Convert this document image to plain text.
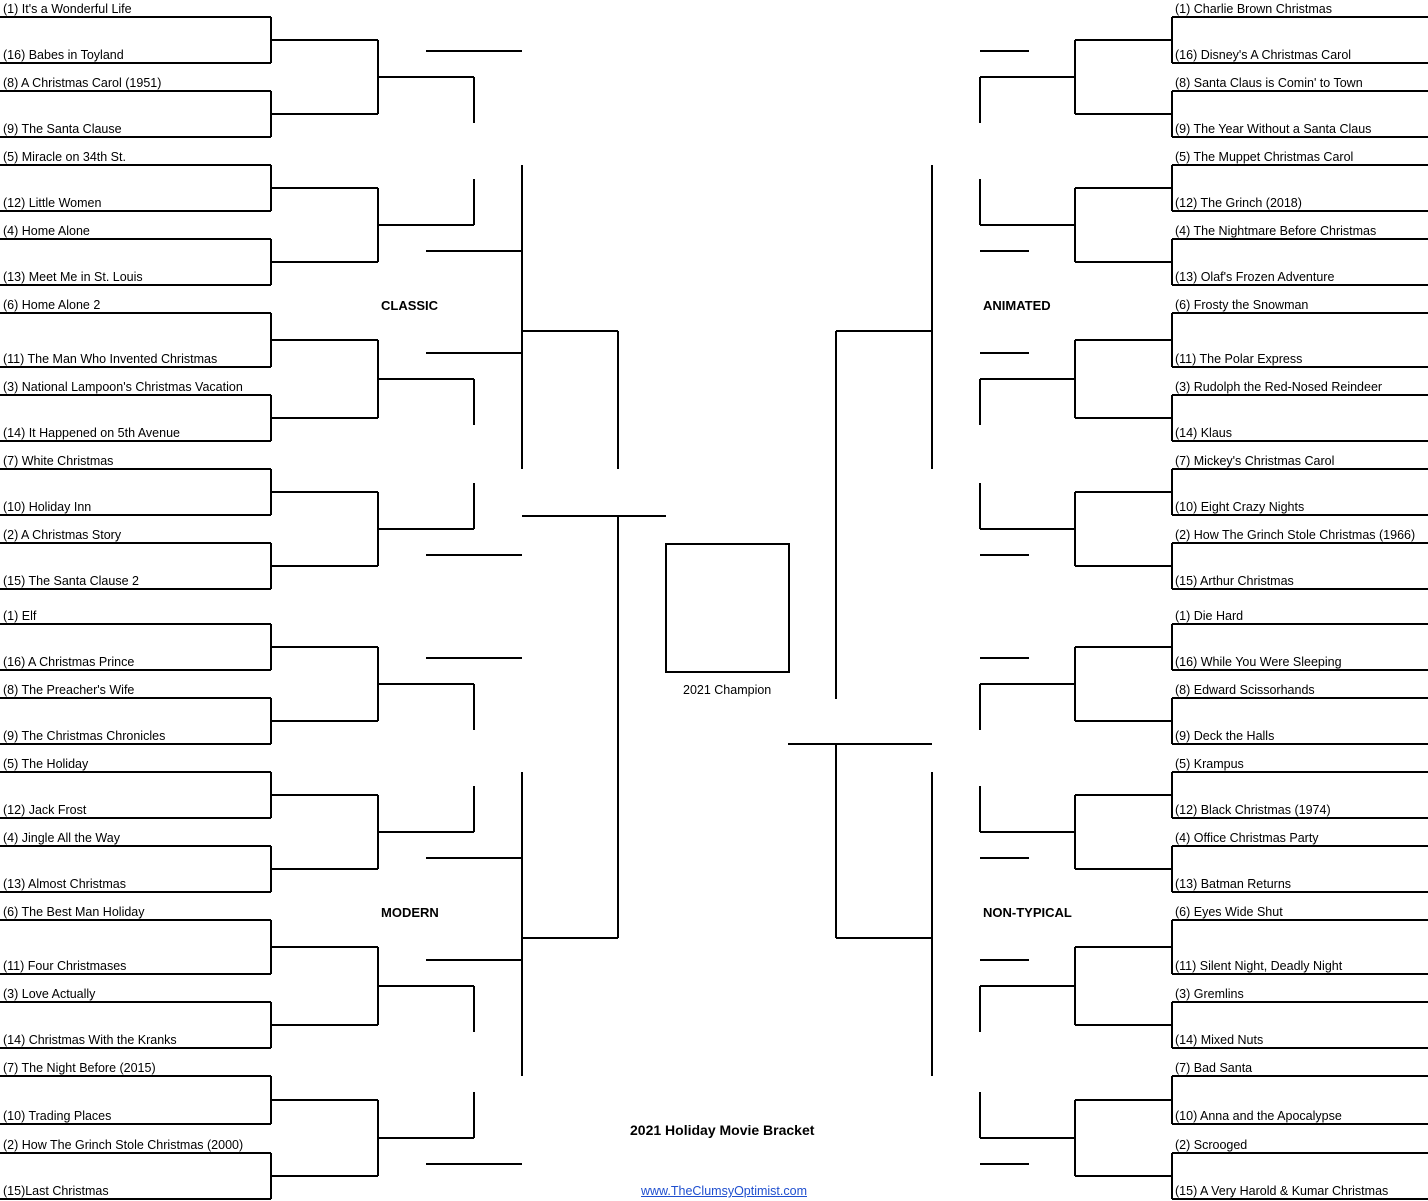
(1) It's a Wonderful Life
(16) Babes in Toyland
(8) A Christmas Carol (1951)
(9) The Santa Clause
(5) Miracle on 34th St.
(12) Little Women
(4) Home Alone
(13) Meet Me in St. Louis
(6) Home Alone 2
(11) The Man Who Invented Christmas
(3) National Lampoon's Christmas Vacation
(14) It Happened on 5th Avenue
(7) White Christmas
(10) Holiday Inn
(2) A Christmas Story
(15) The Santa Clause 2
(1) Elf
(16) A Christmas Prince
(8) The Preacher's Wife
(9) The Christmas Chronicles
(5) The Holiday
(12) Jack Frost
(4) Jingle All the Way
(13) Almost Christmas
(6) The Best Man Holiday
(11) Four Christmases
(3) Love Actually
(14) Christmas With the Kranks
(7) The Night Before (2015)
(10) Trading Places
(2) How The Grinch Stole Christmas (2000)
(15)Last Christmas
(1) Charlie Brown Christmas
(16) Disney's A Christmas Carol
(8) Santa Claus is Comin' to Town
(9) The Year Without a Santa Claus
(5) The Muppet Christmas Carol
(12) The Grinch (2018)
(4) The Nightmare Before Christmas
(13) Olaf's Frozen Adventure
(6) Frosty the Snowman
(11) The Polar Express
(3) Rudolph the Red-Nosed Reindeer
(14) Klaus
(7) Mickey's Christmas Carol
(10) Eight Crazy Nights
(2) How The Grinch Stole Christmas (1966)
(15) Arthur Christmas
(1) Die Hard
(16) While You Were Sleeping
(8) Edward Scissorhands
(9) Deck the Halls
(5) Krampus
(12) Black Christmas (1974)
(4) Office Christmas Party
(13) Batman Returns
(6) Eyes Wide Shut
(11) Silent Night, Deadly Night
(3) Gremlins
(14) Mixed Nuts
(7) Bad Santa
(10) Anna and the Apocalypse
(2) Scrooged
(15) A Very Harold & Kumar Christmas
CLASSIC
MODERN
ANIMATED
NON-TYPICAL
2021 Champion
2021 Holiday Movie Bracket
www.TheClumsyOptimist.com
